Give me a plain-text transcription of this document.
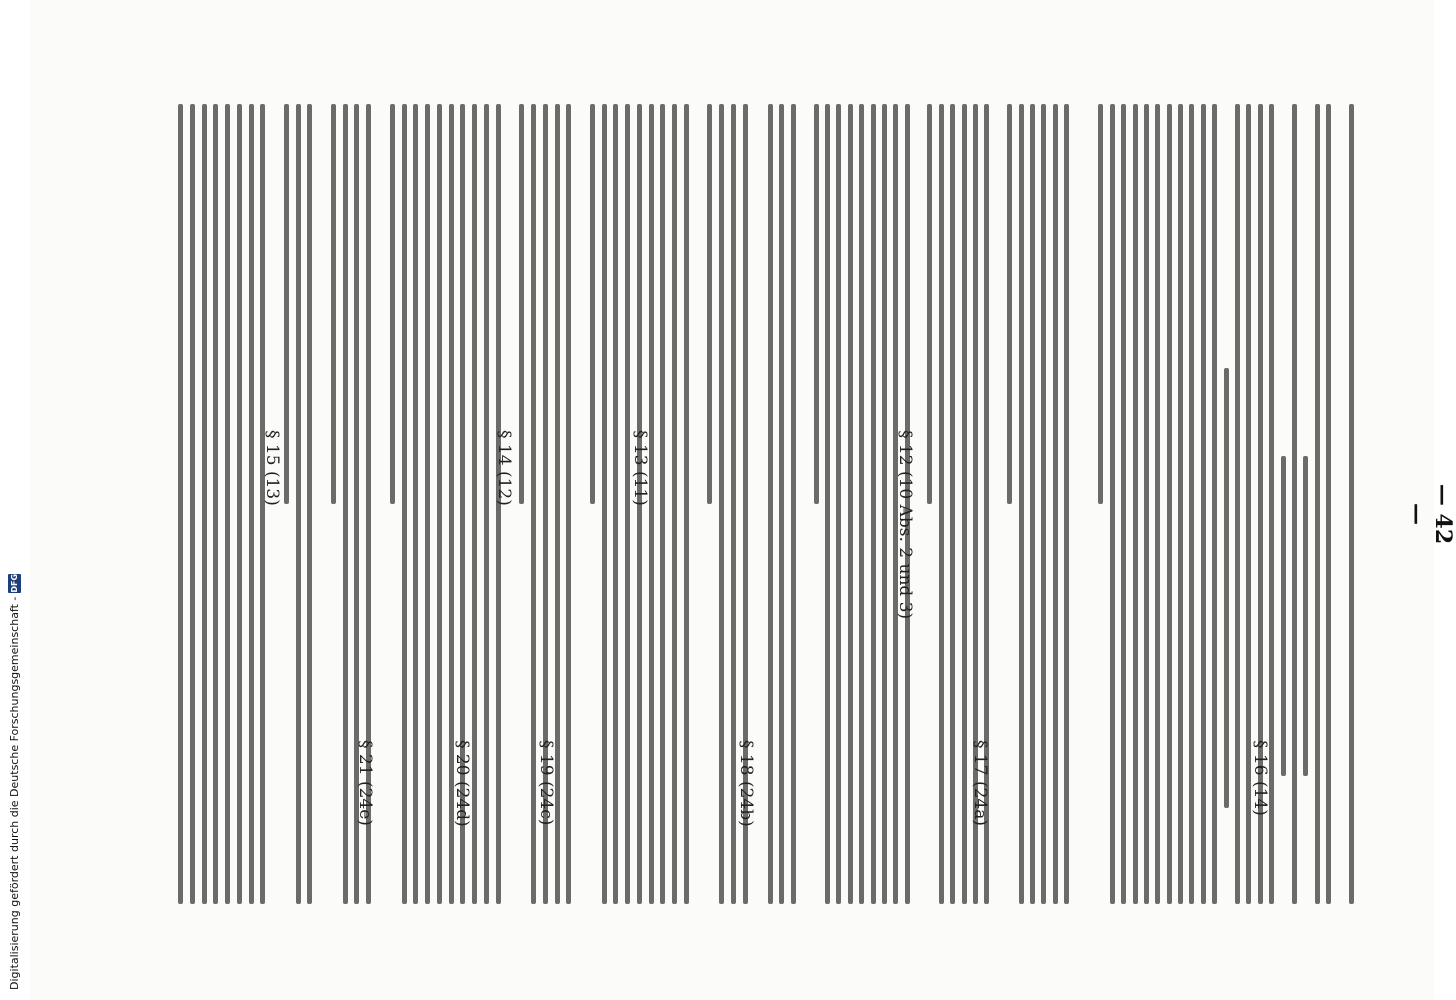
— 42 —
§ 12 (10 Abs. 2 und 3)
§ 13 (11)
§ 14 (12)
§ 15 (13)
§ 16 (14)
§ 17 (24a)
§ 18 (24b)
§ 19 (24c)
§ 20 (24d)
§ 21 (24e)
Digitalisierung gefördert durch die Deutsche Forschungsgemeinschaft -
DFG
